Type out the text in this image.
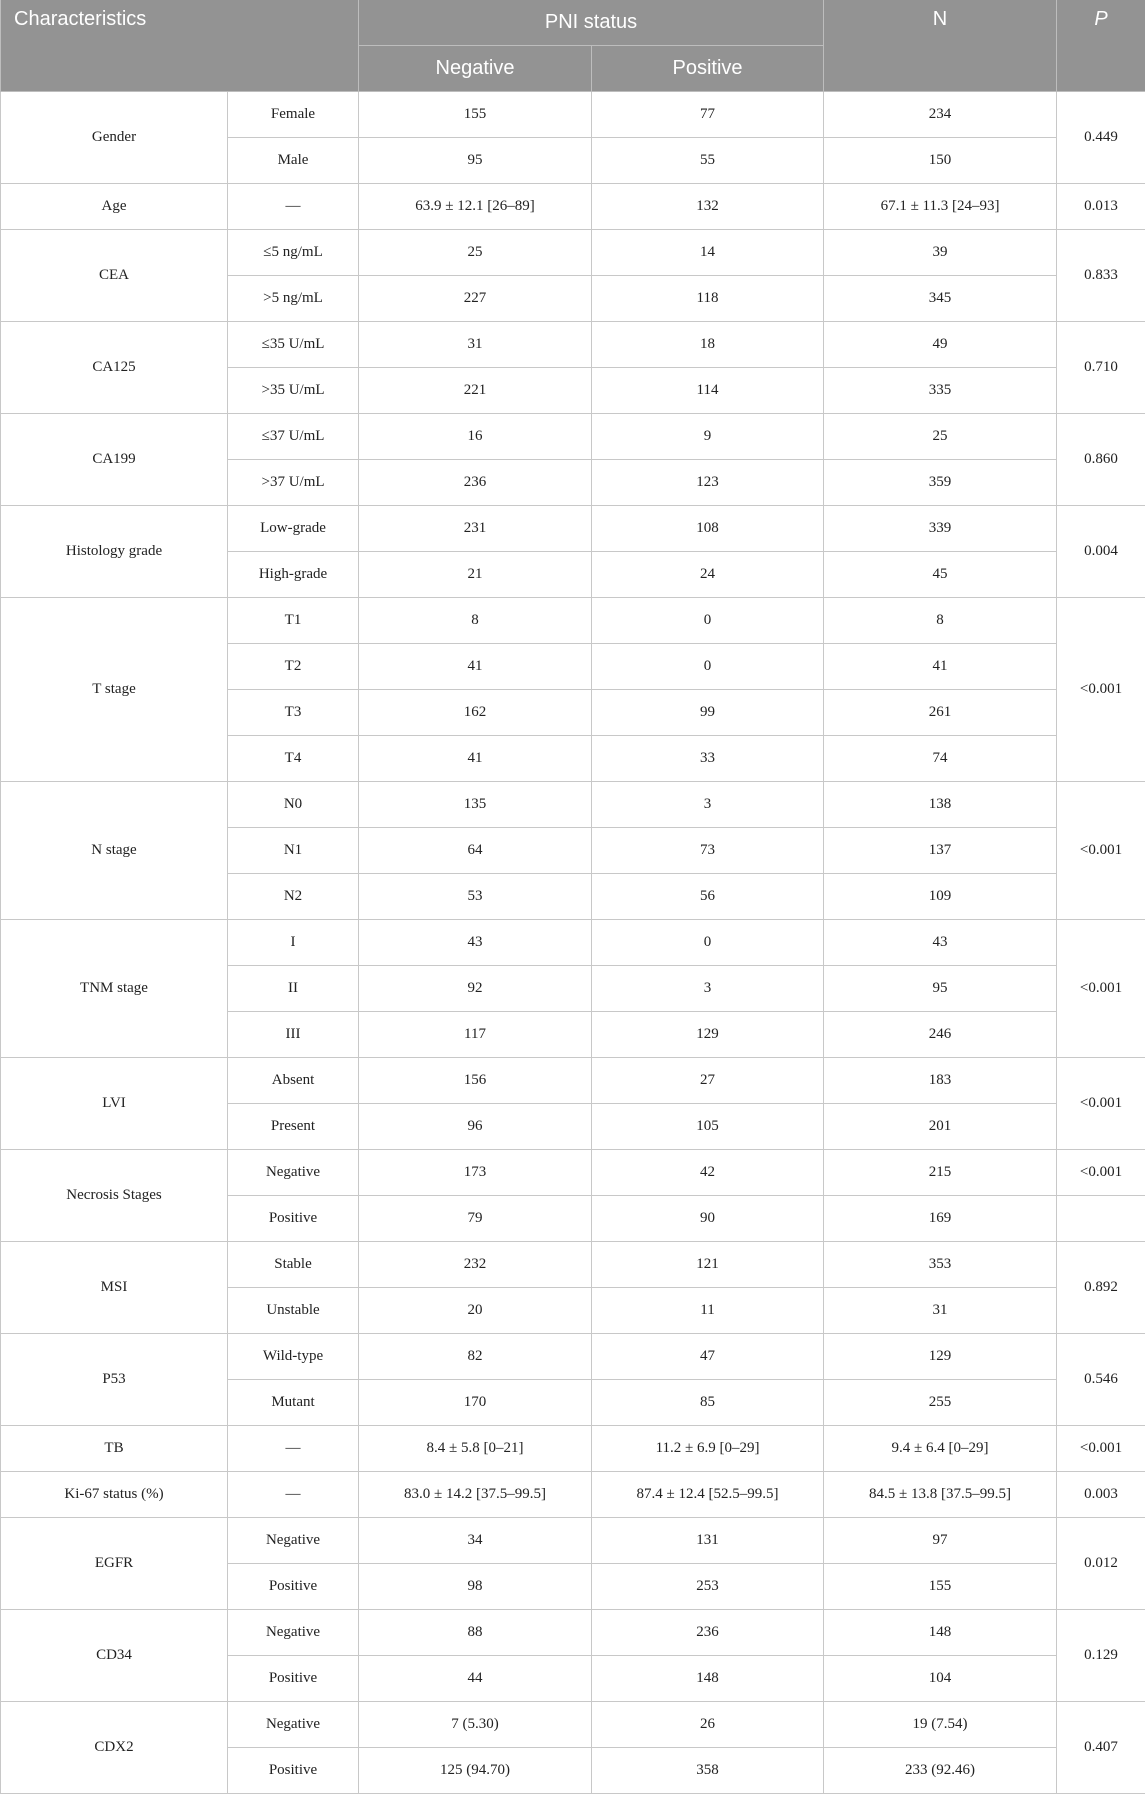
Characteristics		PNI status		N	P
		Negative	Positive		
Gender	Female	155	77	234	0.449
	Male	95	55	150	
Age	—	63.9 ± 12.1 [26–89]	132	67.1 ± 11.3 [24–93]	0.013
CEA	≤5 ng/mL	25	14	39	0.833
	>5 ng/mL	227	118	345	
CA125	≤35 U/mL	31	18	49	0.710
	>35 U/mL	221	114	335	
CA199	≤37 U/mL	16	9	25	0.860
	>37 U/mL	236	123	359	
Histology grade	Low-grade	231	108	339	0.004
	High-grade	21	24	45	
T stage	T1	8	0	8	<0.001
	T2	41	0	41	
	T3	162	99	261	
	T4	41	33	74	
N stage	N0	135	3	138	<0.001
	N1	64	73	137	
	N2	53	56	109	
TNM stage	I	43	0	43	<0.001
	II	92	3	95	
	III	117	129	246	
LVI	Absent	156	27	183	<0.001
	Present	96	105	201	
Necrosis Stages	Negative	173	42	215	<0.001
	Positive	79	90	169	
MSI	Stable	232	121	353	0.892
	Unstable	20	11	31	
P53	Wild-type	82	47	129	0.546
	Mutant	170	85	255	
TB	—	8.4 ± 5.8 [0–21]	11.2 ± 6.9 [0–29]	9.4 ± 6.4 [0–29]	<0.001
Ki-67 status (%)	—	83.0 ± 14.2 [37.5–99.5]	87.4 ± 12.4 [52.5–99.5]	84.5 ± 13.8 [37.5–99.5]	0.003
EGFR	Negative	34	131	97	0.012
	Positive	98	253	155	
CD34	Negative	88	236	148	0.129
	Positive	44	148	104	
CDX2	Negative	7 (5.30)	26	19 (7.54)	0.407
	Positive	125 (94.70)	358	233 (92.46)	
